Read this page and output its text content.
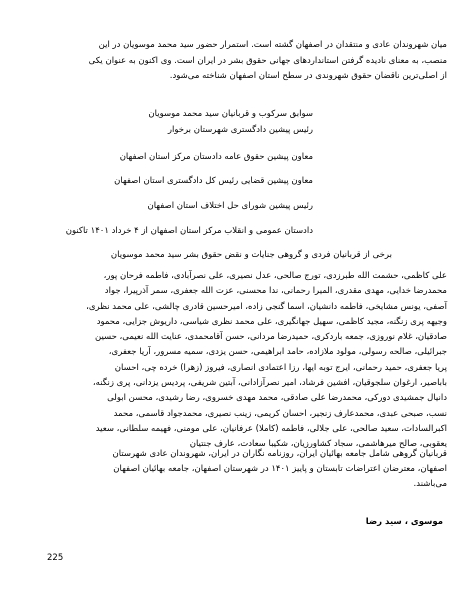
میان شهروندان عادی و منتقدان در اصفهان گشته است. استمرار حضور سید محمد موسویان در این
منصب، به معنای نادیده گرفتن استانداردهای جهانی حقوق بشر در ایران است. وی اکنون به عنوان یکی
از اصلی‌ترین ناقضان حقوق شهروندی در سطح استان اصفهان شناخته می‌شود.
سوابق سرکوب و قربانیان سید محمد موسویان
رئیس پیشین دادگستری شهرستان برخوار
معاون پیشین حقوق عامه دادستان مرکز استان اصفهان
معاون پیشین قضایی رئیس کل دادگستری استان اصفهان
رئیس پیشین شورای حل اختلاف استان اصفهان
دادستان عمومی و انقلاب مرکز استان اصفهان از ۴ خرداد ۱۴۰۱ تاکنون
برخی از قربانیان فردی و گروهی جنایات و نقض حقوق بشر سید محمد موسویان
علی کاظمی، حشمت الله طبرزدی، تورج صالحی، عدل نصیری، علی نصرآبادی، فاطمه فرحان پور،
محمدرضا خدایی، مهدی مقدری، المیرا رحمانی، ندا محسنی، عزت الله جعفری، سمر آذرپیرا، جواد
آصفی، یونس مشایخی، فاطمه دانشیان، اسما گنجی زاده، امیرحسین قادری چالشی، علی محمد نظری،
وجیهه پری زنگنه، مجید کاظمی، سهیل جهانگیری، علی محمد نظری شیاسی، داریوش جزایی، محمود
صادقیان، غلام نوروزی، جمعه باردکری، حمیدرضا مردانی، حسن آقامحمدی، عنایت الله نعیمی، حسین
جبرائیلی، صالحه رسولی، مولود ملازاده، حامد ابراهیمی، حسن یزدی، سمیه مسرور، آریا جعفری،
پریا جعفری، حمید رحمانی، ایرج توبه ایها، رزا اعتمادی انصاری، فیروز (زهرا) خرده چی، احسان
باباصیر، ارغوان سلجوقیان، افشین فرشاد، امیر نصرآزادانی، آبتین شریفی، پردیس یزدانی، پری زنگنه،
دانیال جمشیدی دورکی، محمدرضا علی صادقی، محمد مهدی خسروی، رضا رشیدی، محسن ابولی
نسب، صبحی عبدی، محمدعارف زنجیر، احسان کریمی، زینب نصیری، محمدجواد قاسمی، محمد
اکبرالسادات، سعید صالحی، علی جلالی، فاطمه (کاملا) عرفانیان، علی مومنی، فهیمه سلطانی، سعید
یعقوبی، صالح میرهاشمی، سجاد کشاورزیان، شکیبا سعادت، عارف جنتیان
قربانیان گروهی شامل جامعه بهائیان ایران، روزنامه نگاران در ایران، شهروندان عادی شهرستان
اصفهان، معترضان اعتراضات تابستان و پاییز ۱۴۰۱ در شهرستان اصفهان، جامعه بهائیان اصفهان
می‌باشند.
موسوی ، سید رضا
225
